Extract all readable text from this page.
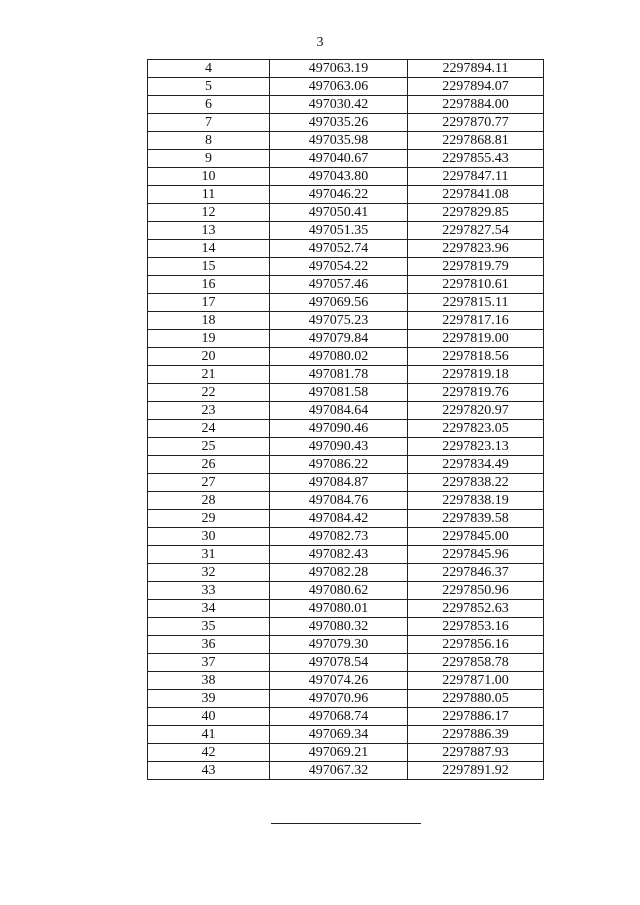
3
4	497063.19	2297894.11
5	497063.06	2297894.07
6	497030.42	2297884.00
7	497035.26	2297870.77
8	497035.98	2297868.81
9	497040.67	2297855.43
10	497043.80	2297847.11
11	497046.22	2297841.08
12	497050.41	2297829.85
13	497051.35	2297827.54
14	497052.74	2297823.96
15	497054.22	2297819.79
16	497057.46	2297810.61
17	497069.56	2297815.11
18	497075.23	2297817.16
19	497079.84	2297819.00
20	497080.02	2297818.56
21	497081.78	2297819.18
22	497081.58	2297819.76
23	497084.64	2297820.97
24	497090.46	2297823.05
25	497090.43	2297823.13
26	497086.22	2297834.49
27	497084.87	2297838.22
28	497084.76	2297838.19
29	497084.42	2297839.58
30	497082.73	2297845.00
31	497082.43	2297845.96
32	497082.28	2297846.37
33	497080.62	2297850.96
34	497080.01	2297852.63
35	497080.32	2297853.16
36	497079.30	2297856.16
37	497078.54	2297858.78
38	497074.26	2297871.00
39	497070.96	2297880.05
40	497068.74	2297886.17
41	497069.34	2297886.39
42	497069.21	2297887.93
43	497067.32	2297891.92
